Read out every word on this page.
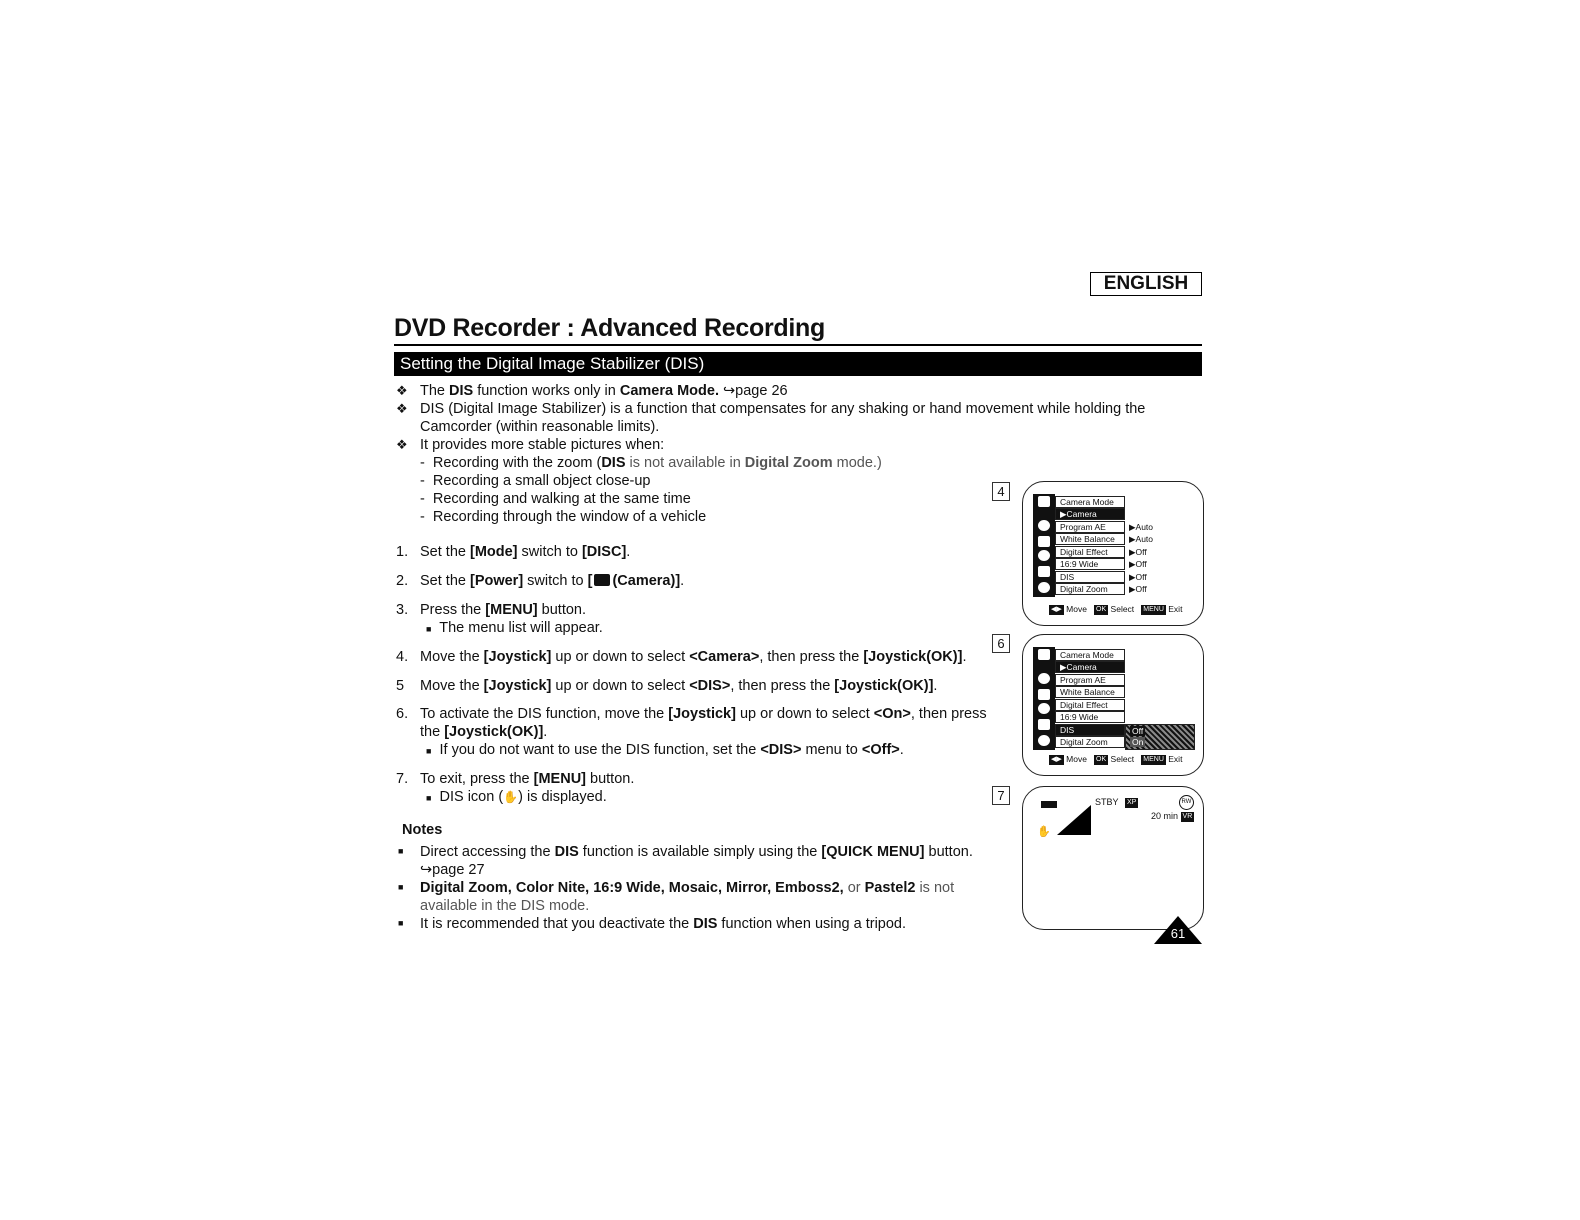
ENGLISH
DVD Recorder : Advanced Recording
Setting the Digital Image Stabilizer (DIS)
❖ The DIS function works only in Camera Mode. ↪page 26
❖ DIS (Digital Image Stabilizer) is a function that compensates for any shaking or hand movement while holding the
Camcorder (within reasonable limits).
❖ It provides more stable pictures when:
-  Recording with the zoom (DIS is not available in Digital Zoom mode.)
-  Recording a small object close-up
-  Recording and walking at the same time
-  Recording through the window of a vehicle
1. Set the [Mode] switch to [DISC].
2. Set the [Power] switch to [ (Camera)].
3. Press the [MENU] button.
■ The menu list will appear.
4. Move the [Joystick] up or down to select <Camera>, then press the [Joystick(OK)].
5 Move the [Joystick] up or down to select <DIS>, then press the [Joystick(OK)].
6. To activate the DIS function, move the [Joystick] up or down to select <On>, then press
the [Joystick(OK)].
■ If you do not want to use the DIS function, set the <DIS> menu to <Off>.
7. To exit, press the [MENU] button.
■ DIS icon (✋) is displayed.
Notes
■ Direct accessing the DIS function is available simply using the [QUICK MENU] button.
↪page 27
■ Digital Zoom, Color Nite, 16:9 Wide, Mosaic, Mirror, Emboss2, or Pastel2 is not
available in the DIS mode.
■ It is recommended that you deactivate the DIS function when using a tripod.
4
Camera Mode
▶Camera
Program AE
White Balance
Digital Effect
16:9 Wide
DIS
Digital Zoom
▶Auto
▶Auto
▶Off
▶Off
▶Off
▶Off
◀▶ Move OK Select MENU Exit
6
Camera Mode
▶Camera
Program AE
White Balance
Digital Effect
16:9 Wide
DIS
Digital Zoom
Off
On
◀▶ Move OK Select MENU Exit
7	STBY XP	RW
20 min VR
✋
61
